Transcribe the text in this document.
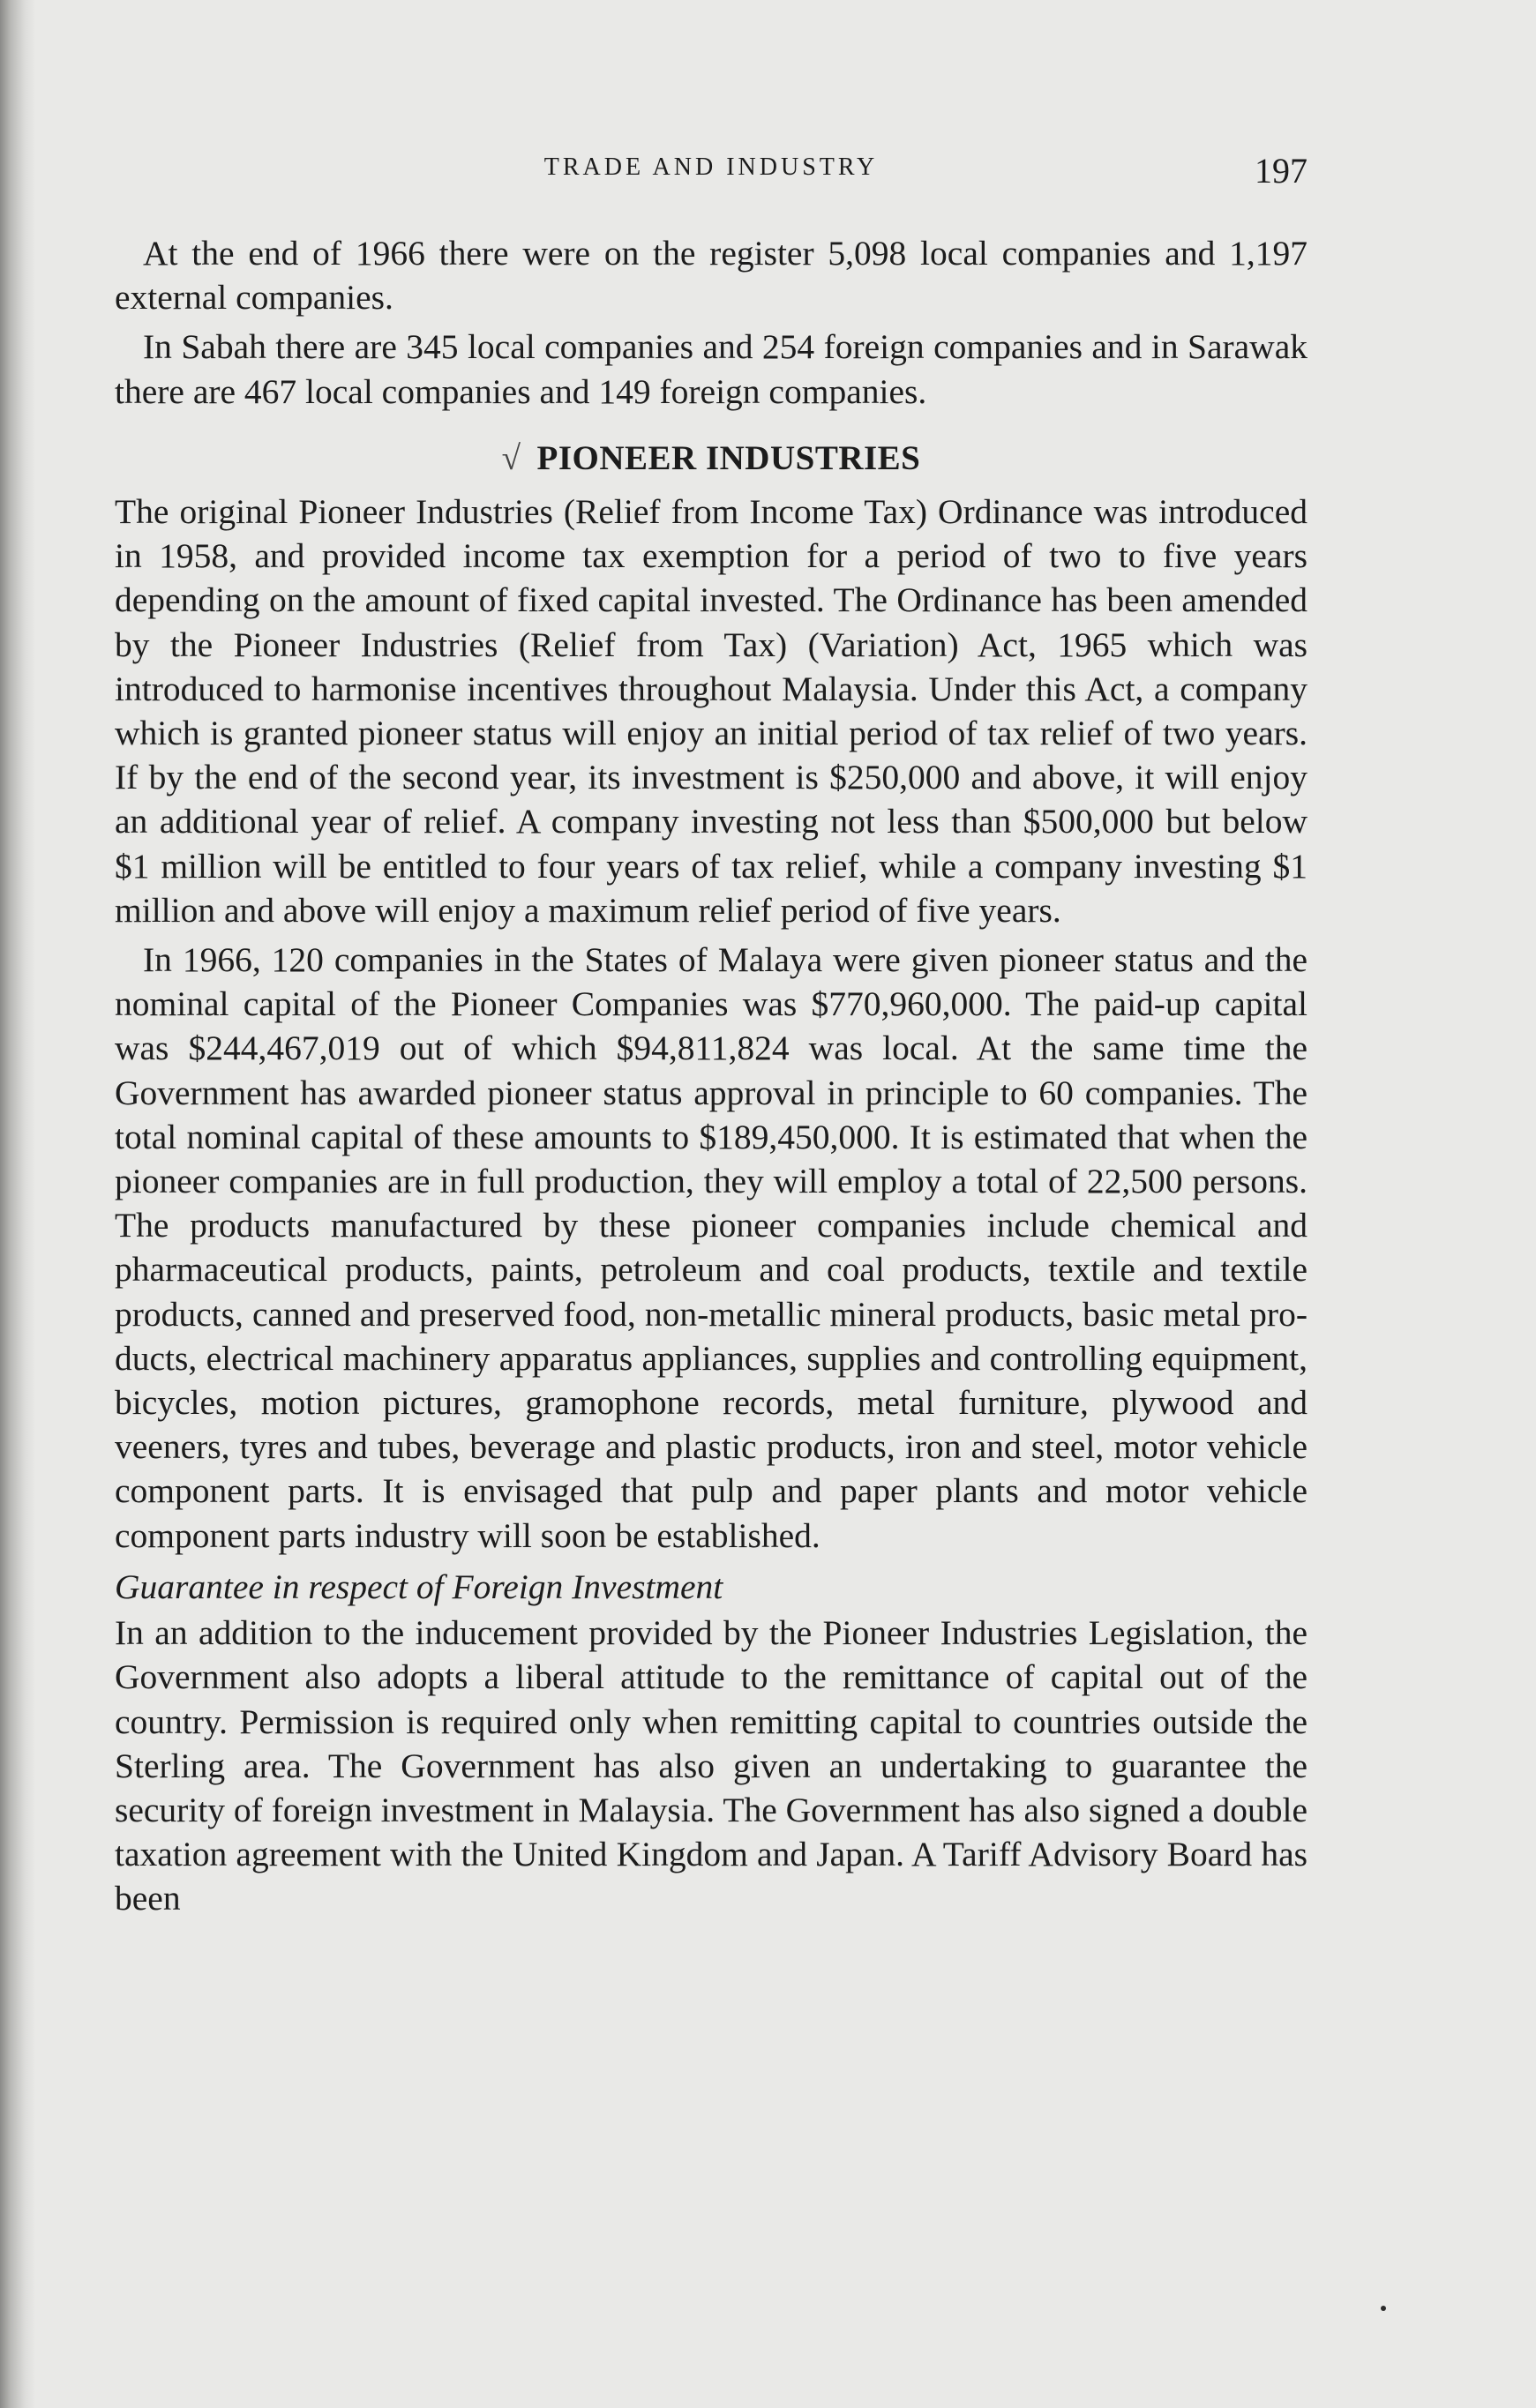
TRADE AND INDUSTRY	197

At the end of 1966 there were on the register 5,098 local companies and 1,197 external companies.

In Sabah there are 345 local companies and 254 foreign companies and in Sarawak there are 467 local companies and 149 foreign companies.

√ PIONEER INDUSTRIES

The original Pioneer Industries (Relief from Income Tax) Ordinance was introduced in 1958, and provided income tax exemption for a period of two to five years depending on the amount of fixed capital invested. The Ordinance has been amended by the Pioneer Industries (Relief from Tax) (Variation) Act, 1965 which was introduced to harmonise incentives throughout Malaysia. Under this Act, a company which is granted pioneer status will enjoy an initial period of tax relief of two years. If by the end of the second year, its investment is $250,000 and above, it will enjoy an additional year of relief. A company investing not less than $500,000 but below $1 million will be entitled to four years of tax relief, while a company investing $1 million and above will enjoy a maximum relief period of five years.

In 1966, 120 companies in the States of Malaya were given pioneer status and the nominal capital of the Pioneer Companies was $770,960,000. The paid-up capital was $244,467,019 out of which $94,811,824 was local. At the same time the Government has awarded pioneer status approval in principle to 60 companies. The total nominal capital of these amounts to $189,450,000. It is estimated that when the pioneer companies are in full production, they will employ a total of 22,500 persons. The products manufactured by these pioneer companies include chemical and pharmaceutical products, paints, petroleum and coal products, textile and textile products, canned and preserved food, non-metallic mineral products, basic metal products, electrical machinery apparatus appliances, supplies and controlling equipment, bicycles, motion pictures, gramophone records, metal furniture, plywood and veeners, tyres and tubes, beverage and plastic products, iron and steel, motor vehicle component parts. It is envisaged that pulp and paper plants and motor vehicle component parts industry will soon be established.

Guarantee in respect of Foreign Investment

In an addition to the inducement provided by the Pioneer Industries Legislation, the Government also adopts a liberal attitude to the remittance of capital out of the country. Permission is required only when remitting capital to countries outside the Sterling area. The Government has also given an undertaking to guarantee the security of foreign investment in Malaysia. The Government has also signed a double taxation agreement with the United Kingdom and Japan. A Tariff Advisory Board has been
